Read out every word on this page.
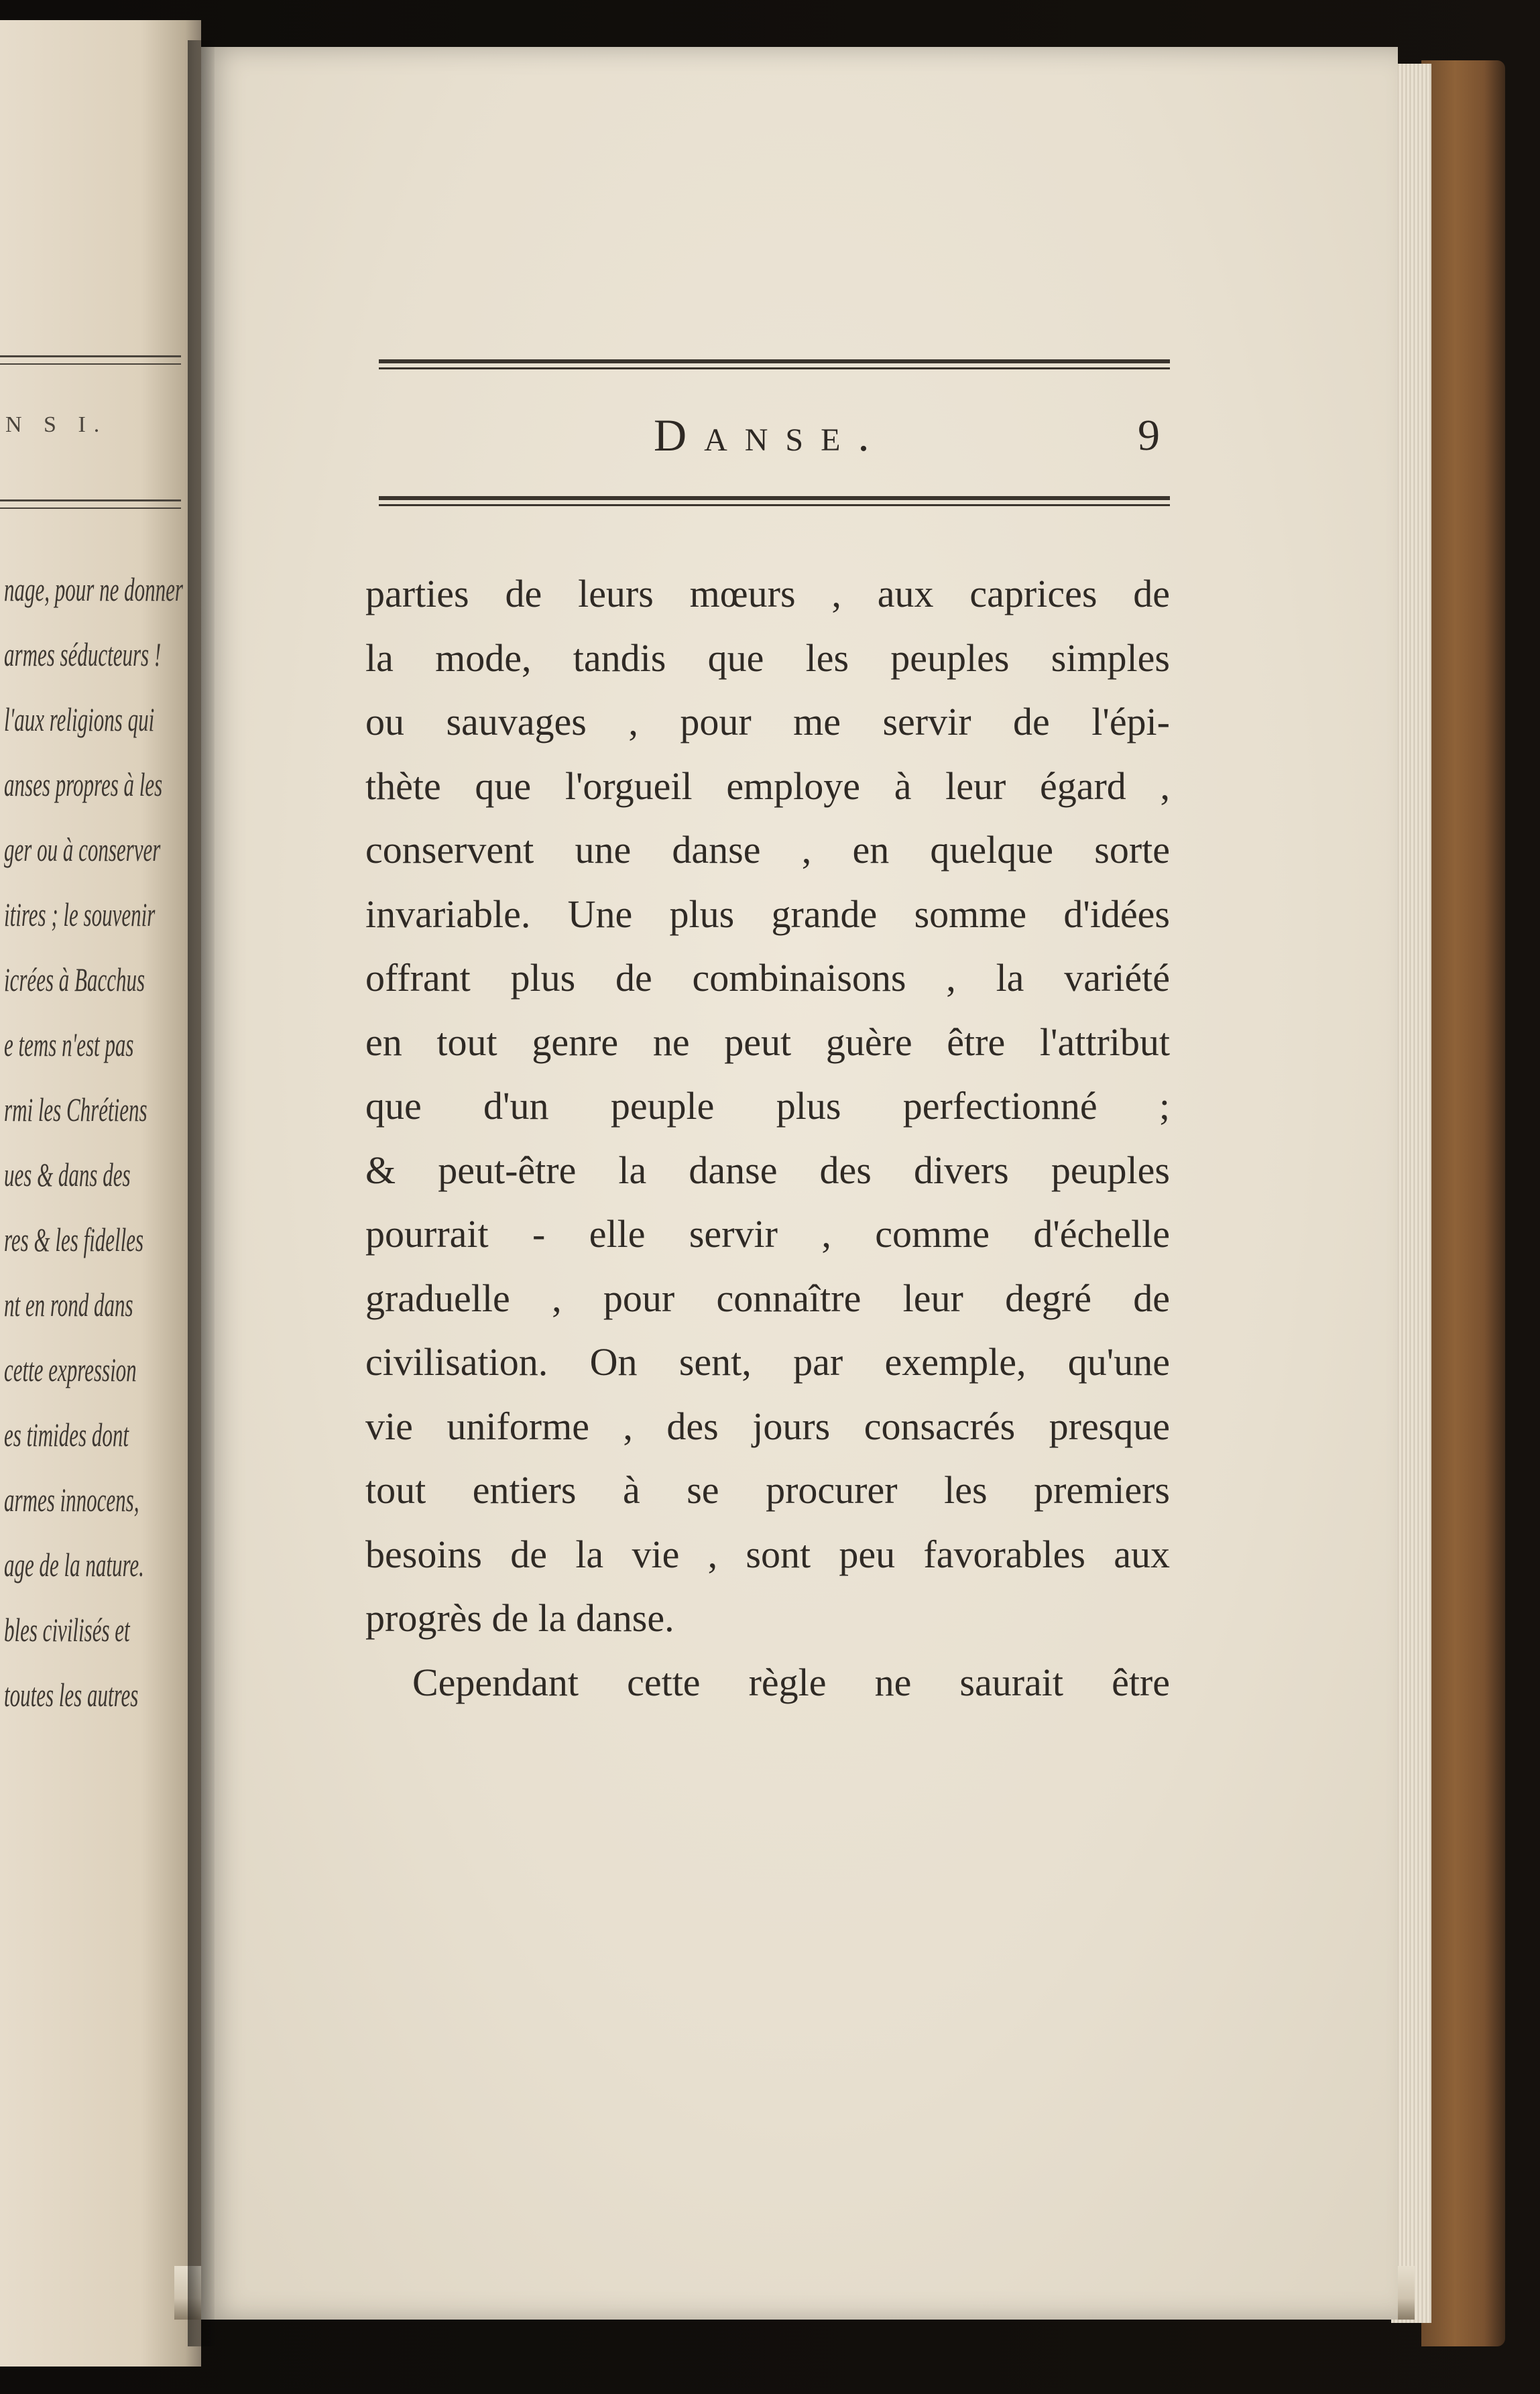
N S I.
nage, pour ne donner
armes séducteurs !
l'aux religions qui
anses propres à les
ger ou à conserver
itires ; le souvenir
icrées à Bacchus
e tems n'est pas
rmi les Chrétiens
ues & dans des
res & les fidelles
nt en rond dans
cette expression
es timides dont
armes innocens,
age de la nature.
bles civilisés et
toutes les autres
Danse.	9
parties de leurs mœurs , aux caprices de
la mode, tandis que les peuples simples
ou sauvages , pour me servir de l'épi-
thète que l'orgueil employe à leur égard ,
conservent une danse , en quelque sorte
invariable. Une plus grande somme d'idées
offrant plus de combinaisons , la variété
en tout genre ne peut guère être l'attribut
que d'un peuple plus perfectionné ;
& peut-être la danse des divers peuples
pourrait - elle servir , comme d'échelle
graduelle , pour connaître leur degré de
civilisation. On sent, par exemple, qu'une
vie uniforme , des jours consacrés presque
tout entiers à se procurer les premiers
besoins de la vie , sont peu favorables aux
progrès de la danse.
Cependant cette règle ne saurait être
